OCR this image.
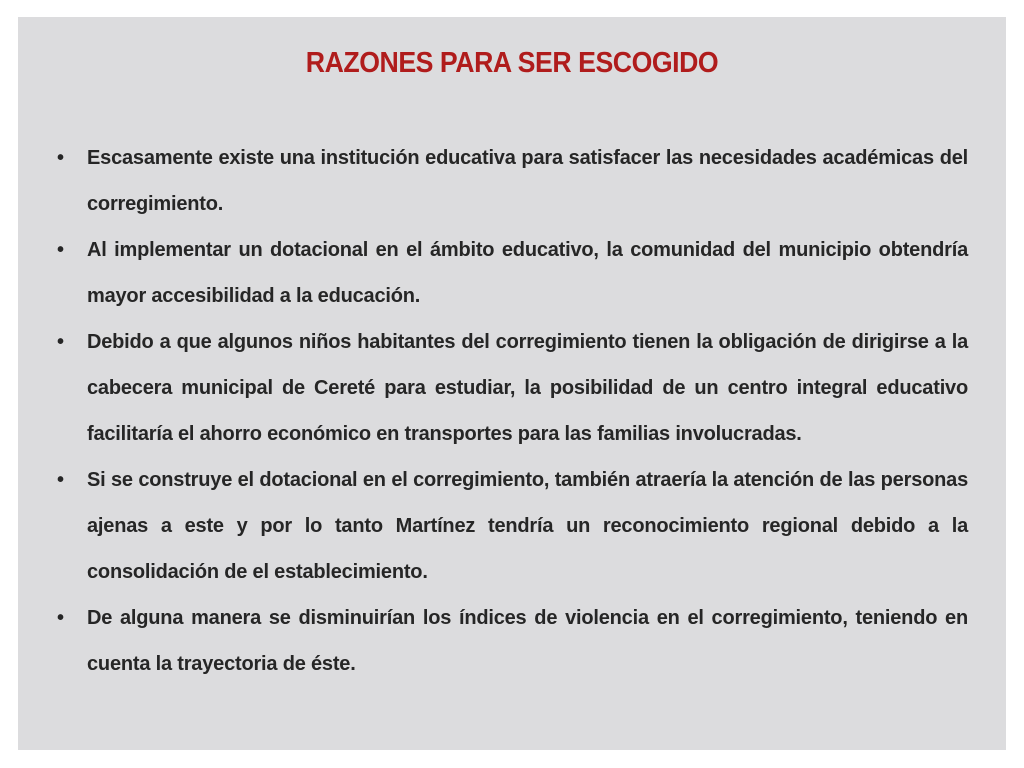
RAZONES PARA SER ESCOGIDO
• Escasamente existe una institución educativa para satisfacer las necesidades académicas del corregimiento.
• Al implementar un dotacional en el ámbito educativo, la comunidad del municipio obtendría mayor accesibilidad a la educación.
• Debido a que algunos niños habitantes del corregimiento tienen la obligación de dirigirse a la cabecera municipal de Cereté para estudiar, la posibilidad de un centro integral educativo facilitaría el ahorro económico en transportes para las familias involucradas.
• Si se construye el dotacional en el corregimiento, también atraería la atención de las personas ajenas a este y por lo tanto Martínez tendría un reconocimiento regional debido a la consolidación de el establecimiento.
• De alguna manera se disminuirían los índices de violencia en el corregimiento, teniendo en cuenta la trayectoria de éste.
